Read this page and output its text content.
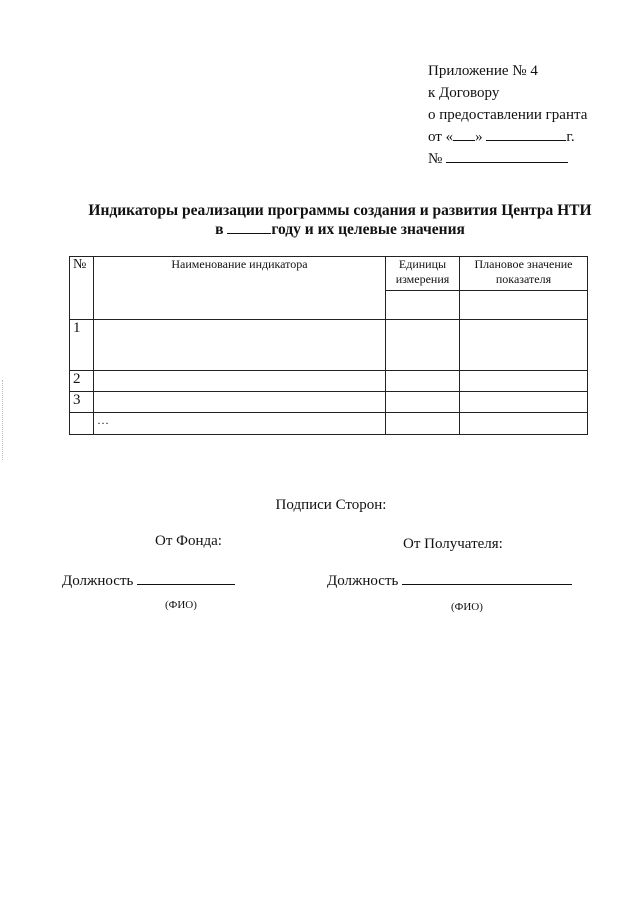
Приложение № 4
к Договору
о предоставлении гранта
от « »	г.
№
Индикаторы реализации программы создания и развития Центра НТИ
в	году и их целевые значения
№	Наименование индикатора	Единицы измерения	Плановое значение показателя

1			
2			
3			
	…		
Подписи Сторон:
От Фонда:	От Получателя:
Должность	Должность
(ФИО)	(ФИО)
